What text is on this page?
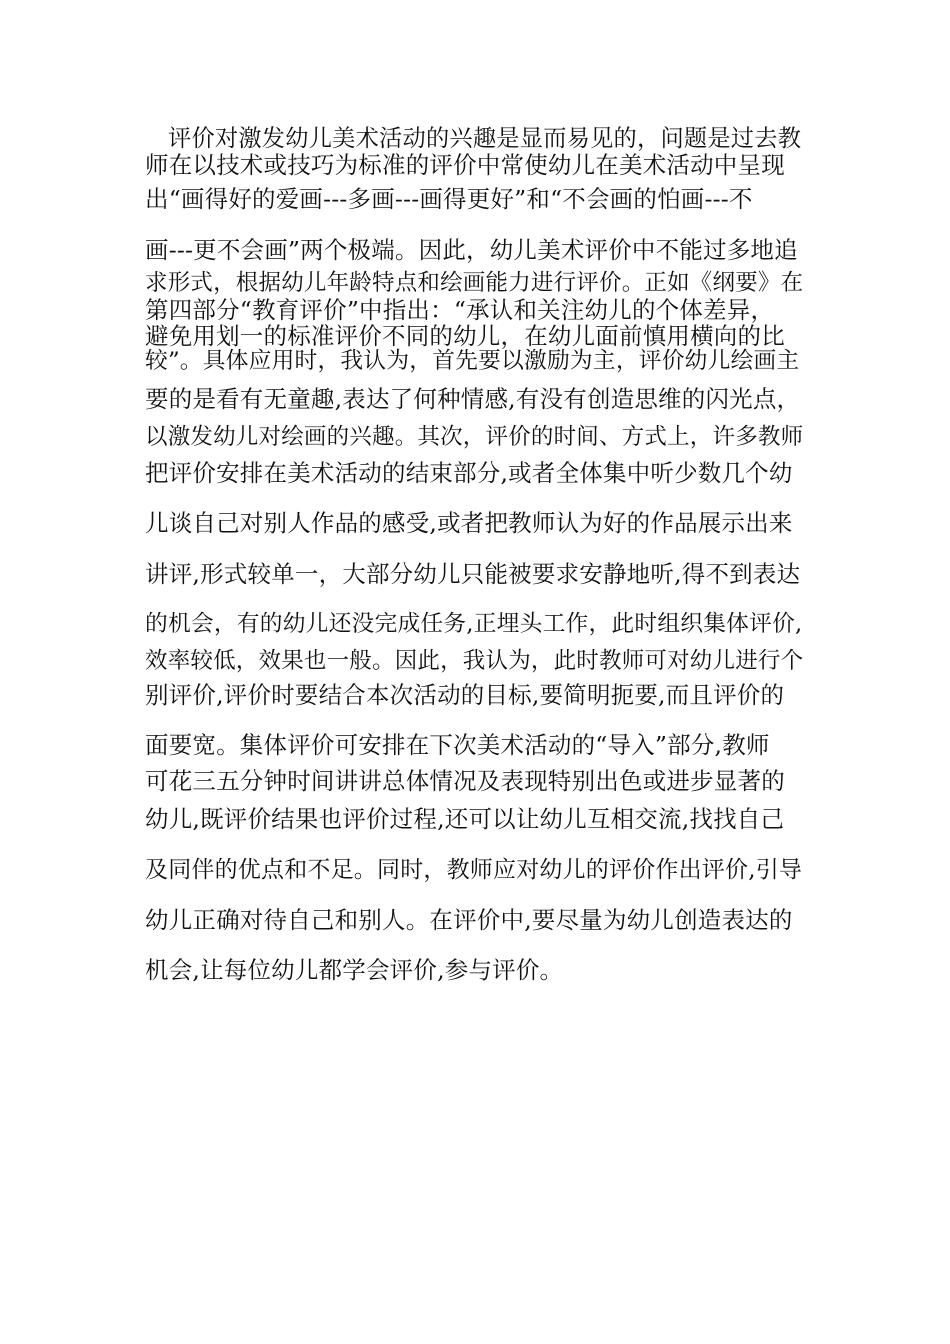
评价对激发幼儿美术活动的兴趣是显而易见的，问题是过去教
师在以技术或技巧为标准的评价中常使幼儿在美术活动中呈现
出“画得好的爱画---多画---画得更好”和“不会画的怕画---不
画---更不会画”两个极端。因此，幼儿美术评价中不能过多地追
求形式，根据幼儿年龄特点和绘画能力进行评价。正如《纲要》在
第四部分“教育评价”中指出：“承认和关注幼儿的个体差异，
避免用划一的标准评价不同的幼儿，在幼儿面前慎用横向的比
较”。具体应用时，我认为，首先要以激励为主，评价幼儿绘画主
要的是看有无童趣,表达了何种情感,有没有创造思维的闪光点，
以激发幼儿对绘画的兴趣。其次，评价的时间、方式上，许多教师
把评价安排在美术活动的结束部分,或者全体集中听少数几个幼
儿谈自己对别人作品的感受,或者把教师认为好的作品展示出来
讲评,形式较单一，大部分幼儿只能被要求安静地听,得不到表达
的机会，有的幼儿还没完成任务,正埋头工作，此时组织集体评价,
效率较低，效果也一般。因此，我认为，此时教师可对幼儿进行个
别评价,评价时要结合本次活动的目标,要简明扼要,而且评价的
面要宽。集体评价可安排在下次美术活动的“导入”部分,教师
可花三五分钟时间讲讲总体情况及表现特别出色或进步显著的
幼儿,既评价结果也评价过程,还可以让幼儿互相交流,找找自己
及同伴的优点和不足。同时，教师应对幼儿的评价作出评价,引导
幼儿正确对待自己和别人。在评价中,要尽量为幼儿创造表达的
机会,让每位幼儿都学会评价,参与评价。
